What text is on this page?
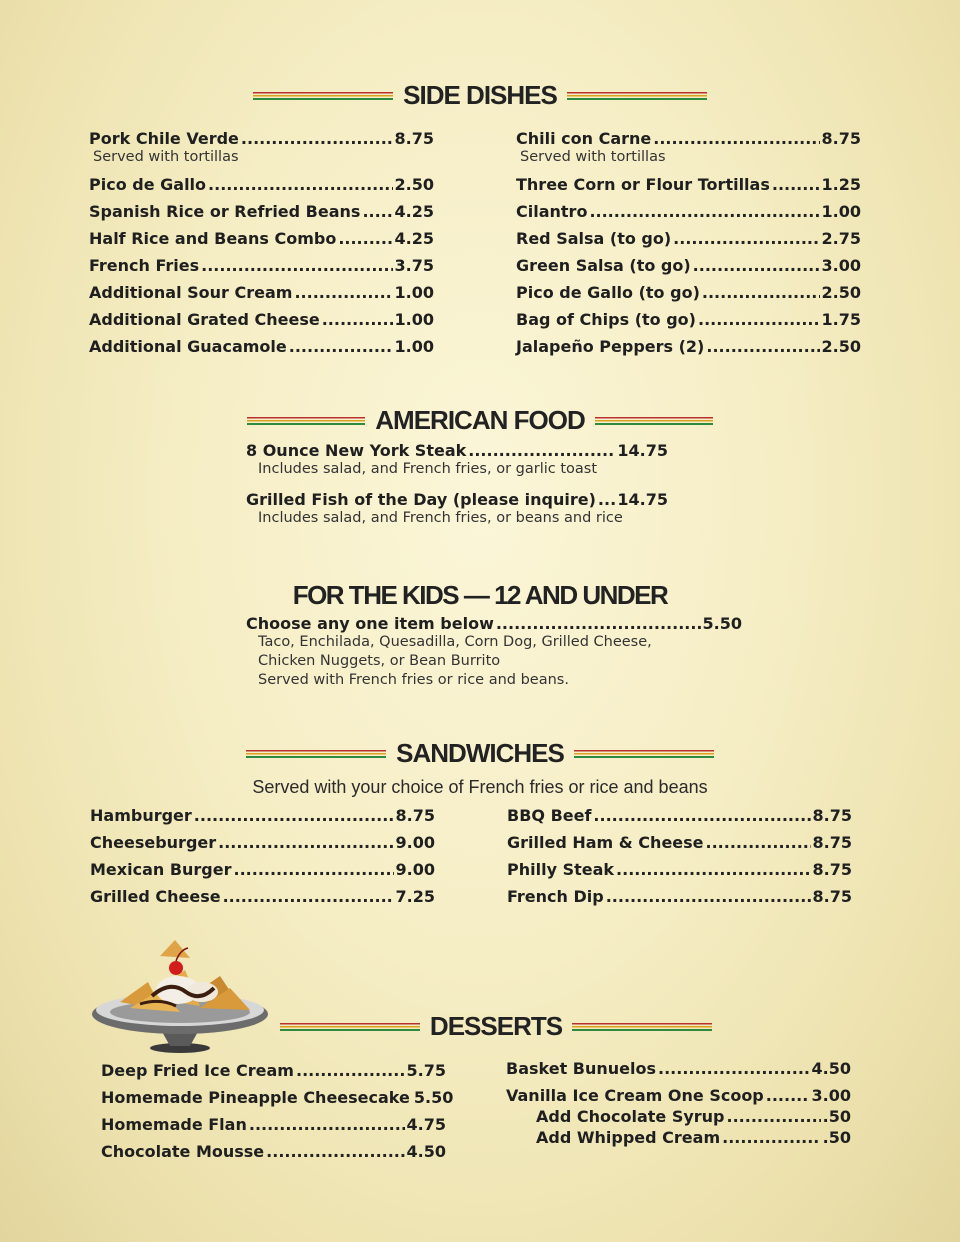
SIDE DISHES
Pork Chile Verde .....	8.75
Served with tortillas
Pico de Gallo .....	2.50
Spanish Rice or Refried Beans ..... 4.25
Half Rice and Beans Combo .....	4.25
French Fries .....	3.75
Additional Sour Cream .....	1.00
Additional Grated Cheese .....	1.00
Additional Guacamole .....	1.00
Chili con Carne .....	8.75
Served with tortillas
Three Corn or Flour Tortillas .....	1.25
Cilantro .....	1.00
Red Salsa (to go) .....	2.75
Green Salsa (to go) .....	3.00
Pico de Gallo (to go) .....	2.50
Bag of Chips (to go) .....	1.75
Jalapeño Peppers (2) .....	2.50
AMERICAN FOOD
8 Ounce New York Steak .....	14.75
Includes salad, and French fries, or garlic toast
Grilled Fish of the Day (please inquire) ..... 14.75
Includes salad, and French fries, or beans and rice
FOR THE KIDS — 12 AND UNDER
Choose any one item below .....	5.50
Taco, Enchilada, Quesadilla, Corn Dog, Grilled Cheese,
Chicken Nuggets, or Bean Burrito
Served with French fries or rice and beans.
SANDWICHES
Served with your choice of French fries or rice and beans
Hamburger .....	8.75
Cheeseburger .....	9.00
Mexican Burger .....	9.00
Grilled Cheese .....	7.25
BBQ Beef .....	8.75
Grilled Ham & Cheese .....	8.75
Philly Steak .....	8.75
French Dip .....	8.75
DESSERTS
Deep Fried Ice Cream .....	5.75
Homemade Pineapple Cheesecake 5.50
Homemade Flan .....	4.75
Chocolate Mousse .....	4.50
Basket Bunuelos .....	4.50
Vanilla Ice Cream One Scoop .....	3.00
Add Chocolate Syrup .....	.50
Add Whipped Cream .....	.50
